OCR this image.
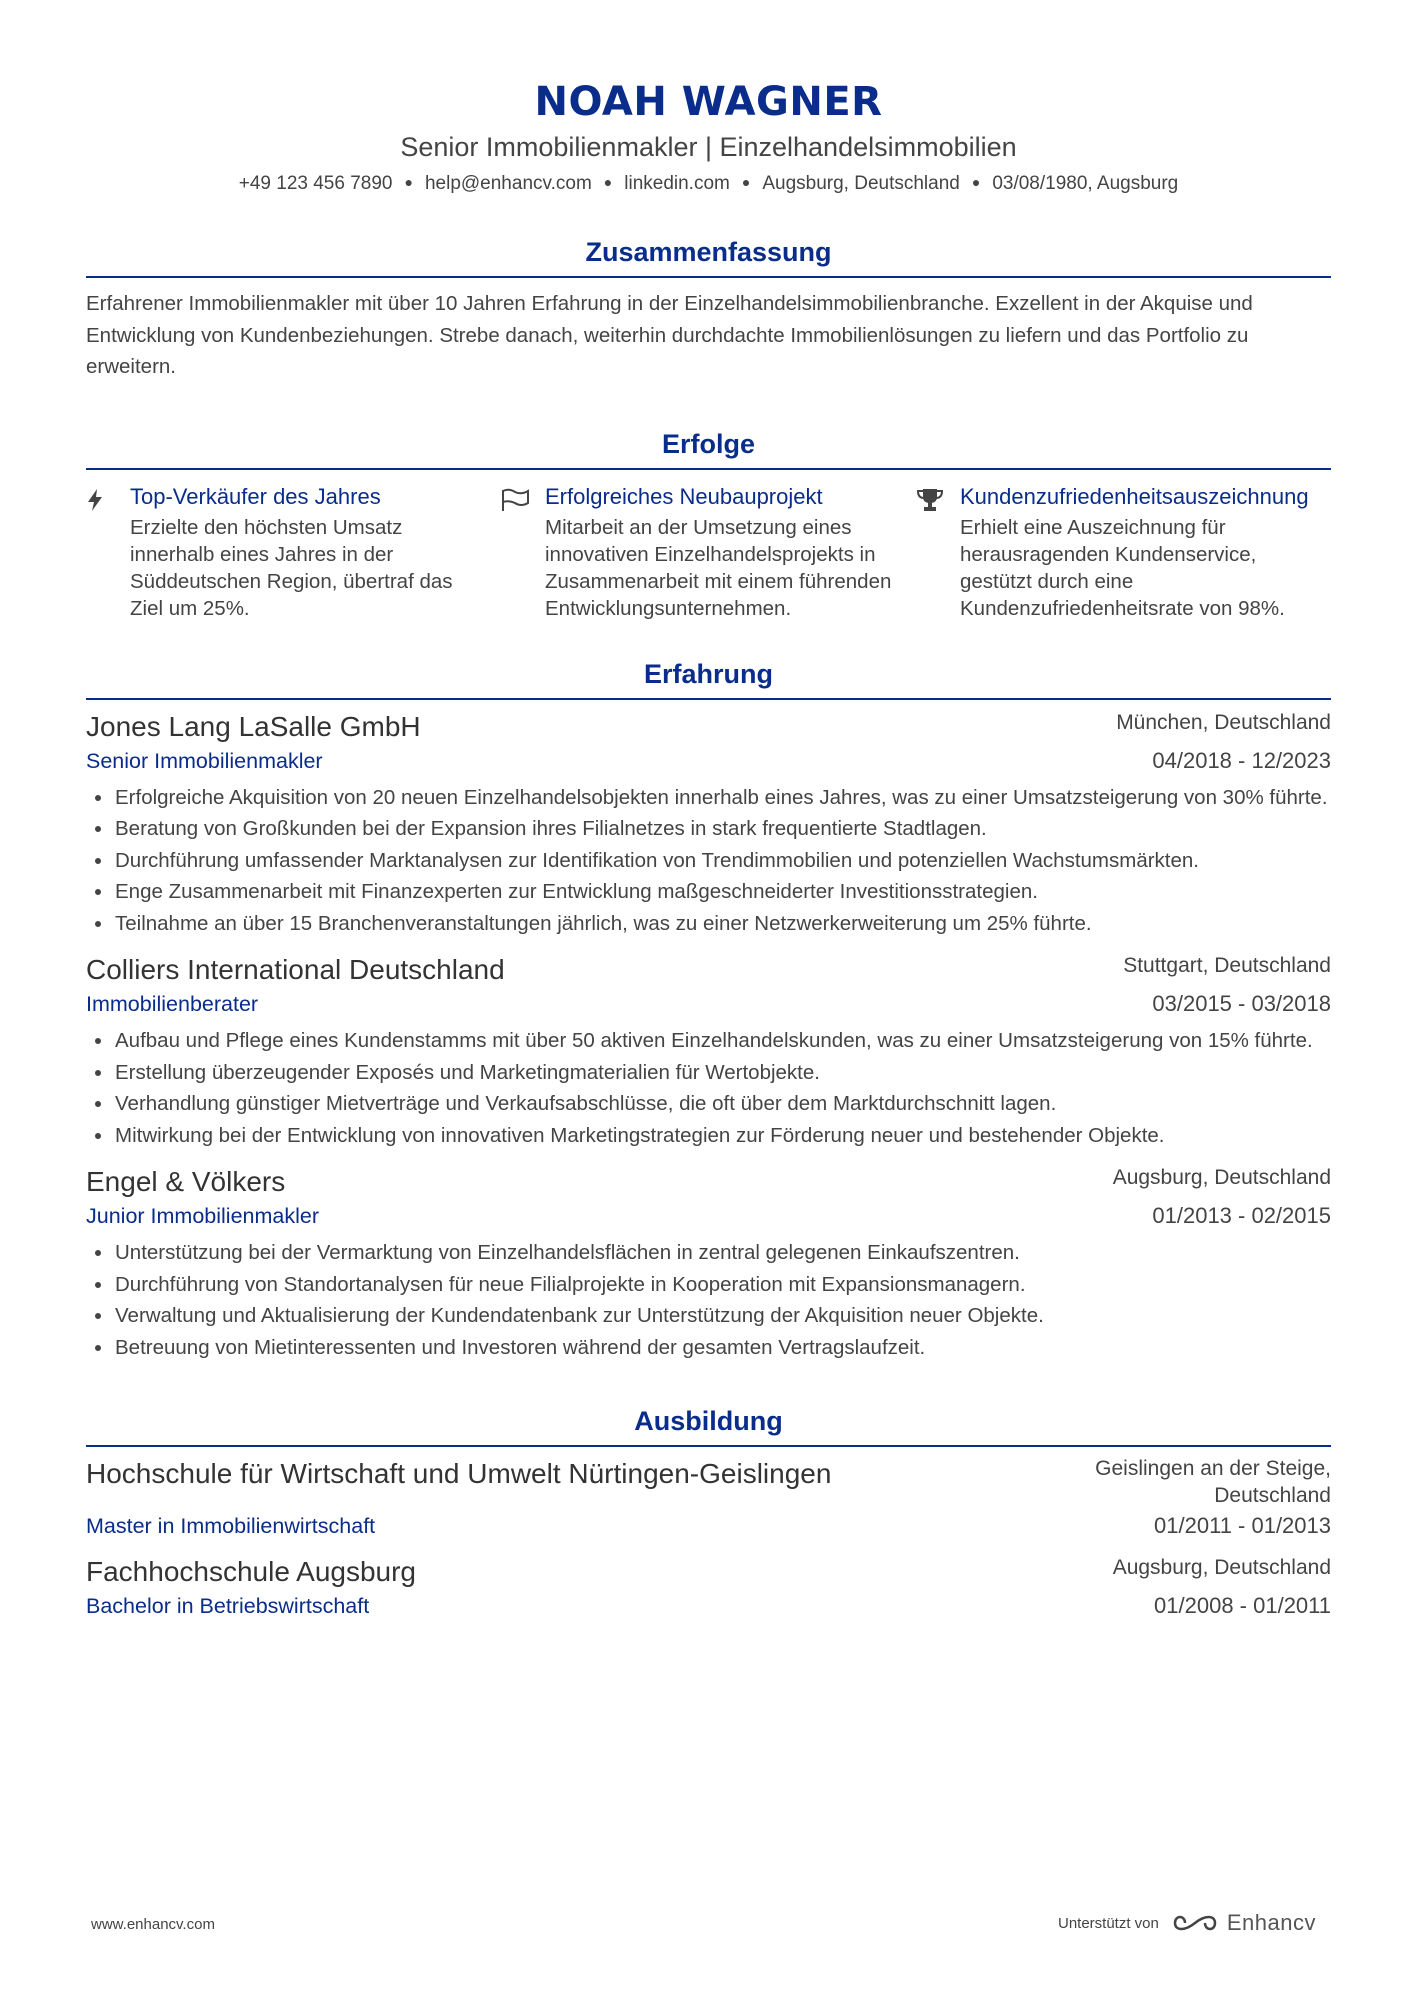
NOAH WAGNER
Senior Immobilienmakler | Einzelhandelsimmobilien
+49 123 456 7890 ● help@enhancv.com ● linkedin.com ● Augsburg, Deutschland ● 03/08/1980, Augsburg
Zusammenfassung
Erfahrener Immobilienmakler mit über 10 Jahren Erfahrung in der Einzelhandelsimmobilienbranche. Exzellent in der Akquise und Entwicklung von Kundenbeziehungen. Strebe danach, weiterhin durchdachte Immobilienlösungen zu liefern und das Portfolio zu erweitern.
Erfolge
Top-Verkäufer des Jahres
Erzielte den höchsten Umsatz innerhalb eines Jahres in der Süddeutschen Region, übertraf das Ziel um 25%.
Erfolgreiches Neubauprojekt
Mitarbeit an der Umsetzung eines innovativen Einzelhandelsprojekts in Zusammenarbeit mit einem führenden Entwicklungsunternehmen.
Kundenzufriedenheitsauszeichnung
Erhielt eine Auszeichnung für herausragenden Kundenservice, gestützt durch eine Kundenzufriedenheitsrate von 98%.
Erfahrung
Jones Lang LaSalle GmbH	München, Deutschland
Senior Immobilienmakler	04/2018 - 12/2023
Erfolgreiche Akquisition von 20 neuen Einzelhandelsobjekten innerhalb eines Jahres, was zu einer Umsatzsteigerung von 30% führte.
Beratung von Großkunden bei der Expansion ihres Filialnetzes in stark frequentierte Stadtlagen.
Durchführung umfassender Marktanalysen zur Identifikation von Trendimmobilien und potenziellen Wachstumsmärkten.
Enge Zusammenarbeit mit Finanzexperten zur Entwicklung maßgeschneiderter Investitionsstrategien.
Teilnahme an über 15 Branchenveranstaltungen jährlich, was zu einer Netzwerkerweiterung um 25% führte.
Colliers International Deutschland	Stuttgart, Deutschland
Immobilienberater	03/2015 - 03/2018
Aufbau und Pflege eines Kundenstamms mit über 50 aktiven Einzelhandelskunden, was zu einer Umsatzsteigerung von 15% führte.
Erstellung überzeugender Exposés und Marketingmaterialien für Wertobjekte.
Verhandlung günstiger Mietverträge und Verkaufsabschlüsse, die oft über dem Marktdurchschnitt lagen.
Mitwirkung bei der Entwicklung von innovativen Marketingstrategien zur Förderung neuer und bestehender Objekte.
Engel & Völkers	Augsburg, Deutschland
Junior Immobilienmakler	01/2013 - 02/2015
Unterstützung bei der Vermarktung von Einzelhandelsflächen in zentral gelegenen Einkaufszentren.
Durchführung von Standortanalysen für neue Filialprojekte in Kooperation mit Expansionsmanagern.
Verwaltung und Aktualisierung der Kundendatenbank zur Unterstützung der Akquisition neuer Objekte.
Betreuung von Mietinteressenten und Investoren während der gesamten Vertragslaufzeit.
Ausbildung
Hochschule für Wirtschaft und Umwelt Nürtingen-Geislingen	Geislingen an der Steige, Deutschland
Master in Immobilienwirtschaft	01/2011 - 01/2013
Fachhochschule Augsburg	Augsburg, Deutschland
Bachelor in Betriebswirtschaft	01/2008 - 01/2011
www.enhancv.com	Unterstützt von	Enhancv
